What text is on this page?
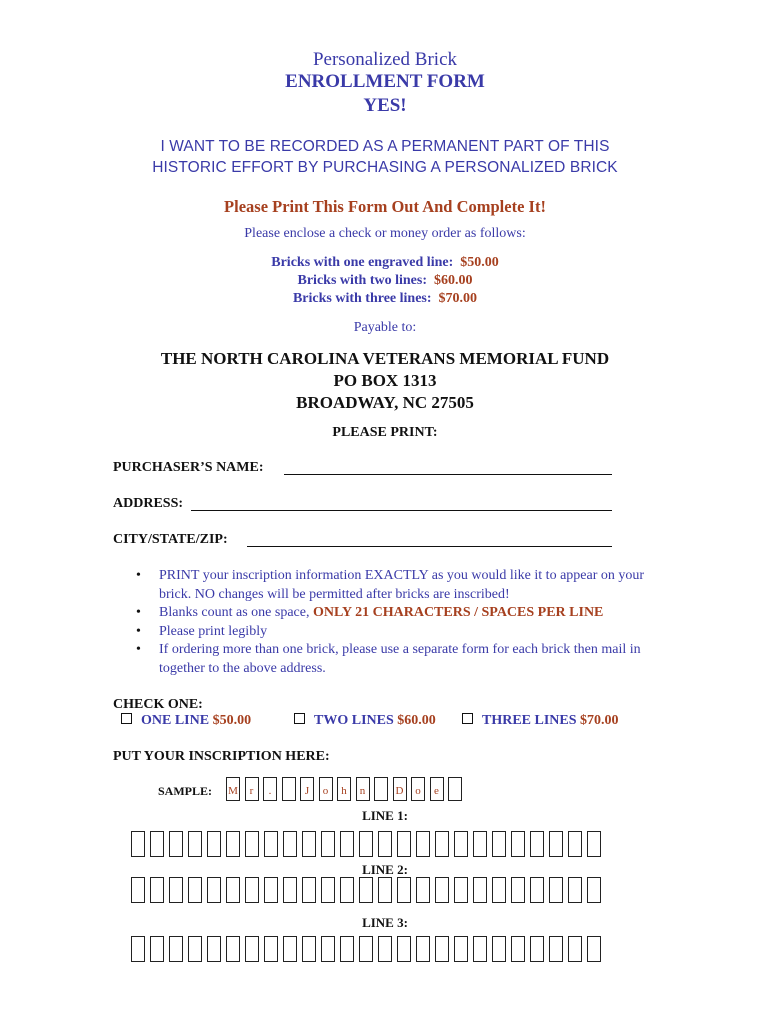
Personalized Brick
ENROLLMENT FORM
YES!
I WANT TO BE RECORDED AS A PERMANENT PART OF THIS
HISTORIC EFFORT BY PURCHASING A PERSONALIZED BRICK
Please Print This Form Out And Complete It!
Please enclose a check or money order as follows:
Bricks with one engraved line: $50.00
Bricks with two lines: $60.00
Bricks with three lines: $70.00
Payable to:
THE NORTH CAROLINA VETERANS MEMORIAL FUND
PO BOX 1313
BROADWAY, NC 27505
PLEASE PRINT:
PURCHASER’S NAME:
ADDRESS:
CITY/STATE/ZIP:
• PRINT your inscription information EXACTLY as you would like it to appear on your brick. NO changes will be permitted after bricks are inscribed!
• Blanks count as one space, ONLY 21 CHARACTERS / SPACES PER LINE
• Please print legibly
• If ordering more than one brick, please use a separate form for each brick then mail in together to the above address.
CHECK ONE:
ONE LINE $50.00	TWO LINES $60.00	THREE LINES $70.00
PUT YOUR INSCRIPTION HERE:
SAMPLE: M	r	.	J	o	h	n	D	o	e
LINE 1:
LINE 2:
LINE 3:
